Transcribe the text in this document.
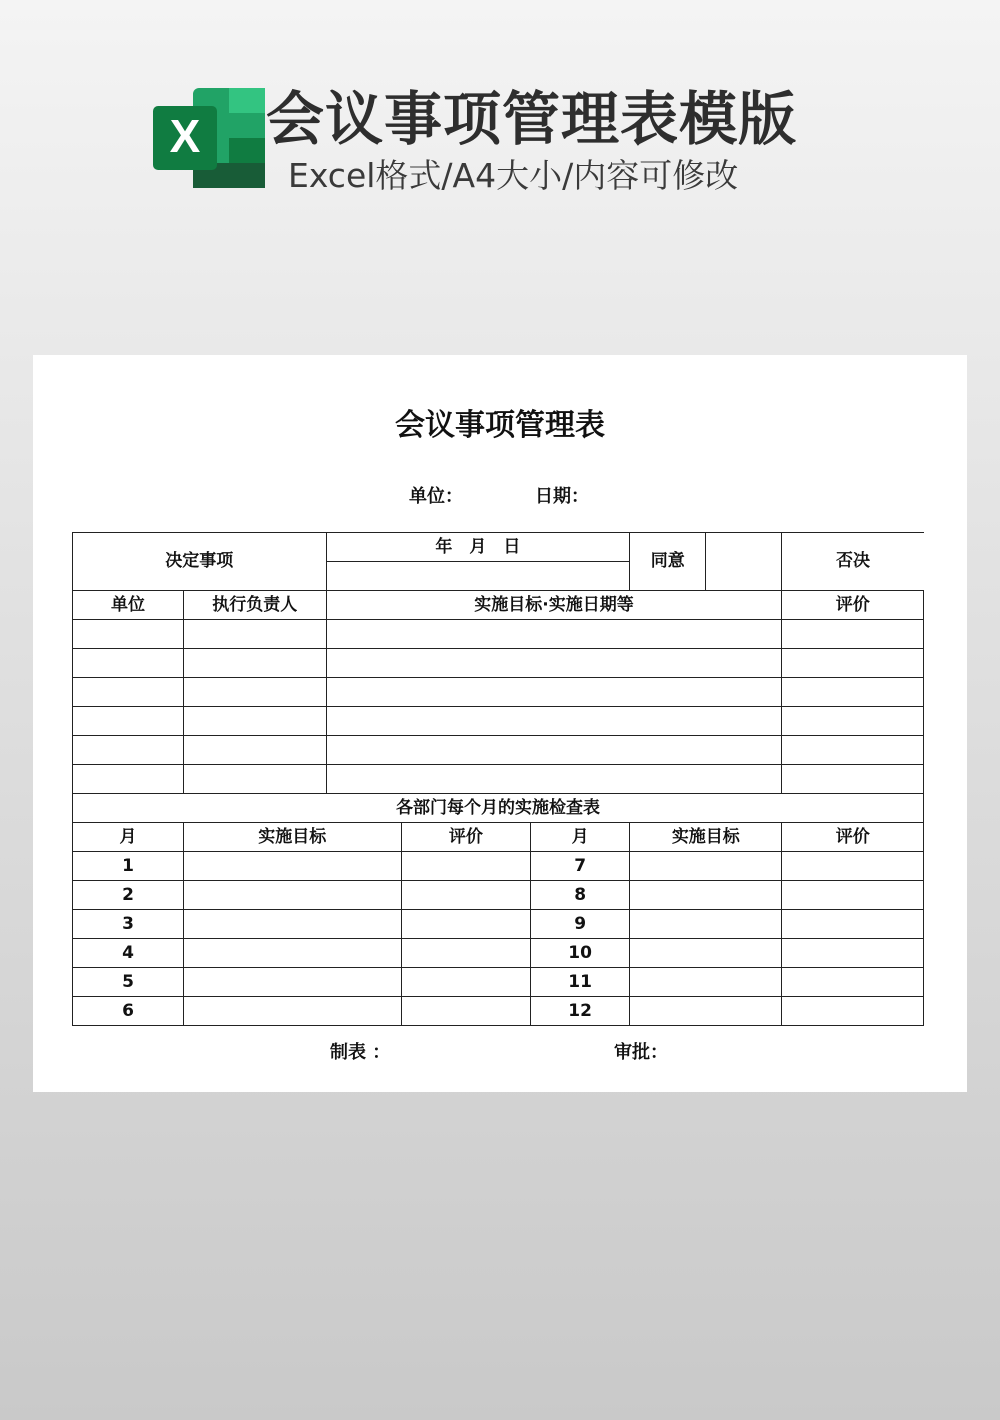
X 会议事项管理表模版
Excel格式/A4大小/内容可修改
会议事项管理表
单位：	日期：
决定事项		年　月　日			同意		否决

单位	执行负责人	实施目标·实施日期等					评价

各部门每个月的实施检查表							
月	实施目标		评价	月	实施目标		评价
1				7			
2				8			
3				9			
4				10			
5				11			
6				12			
制表 ：	审批：
